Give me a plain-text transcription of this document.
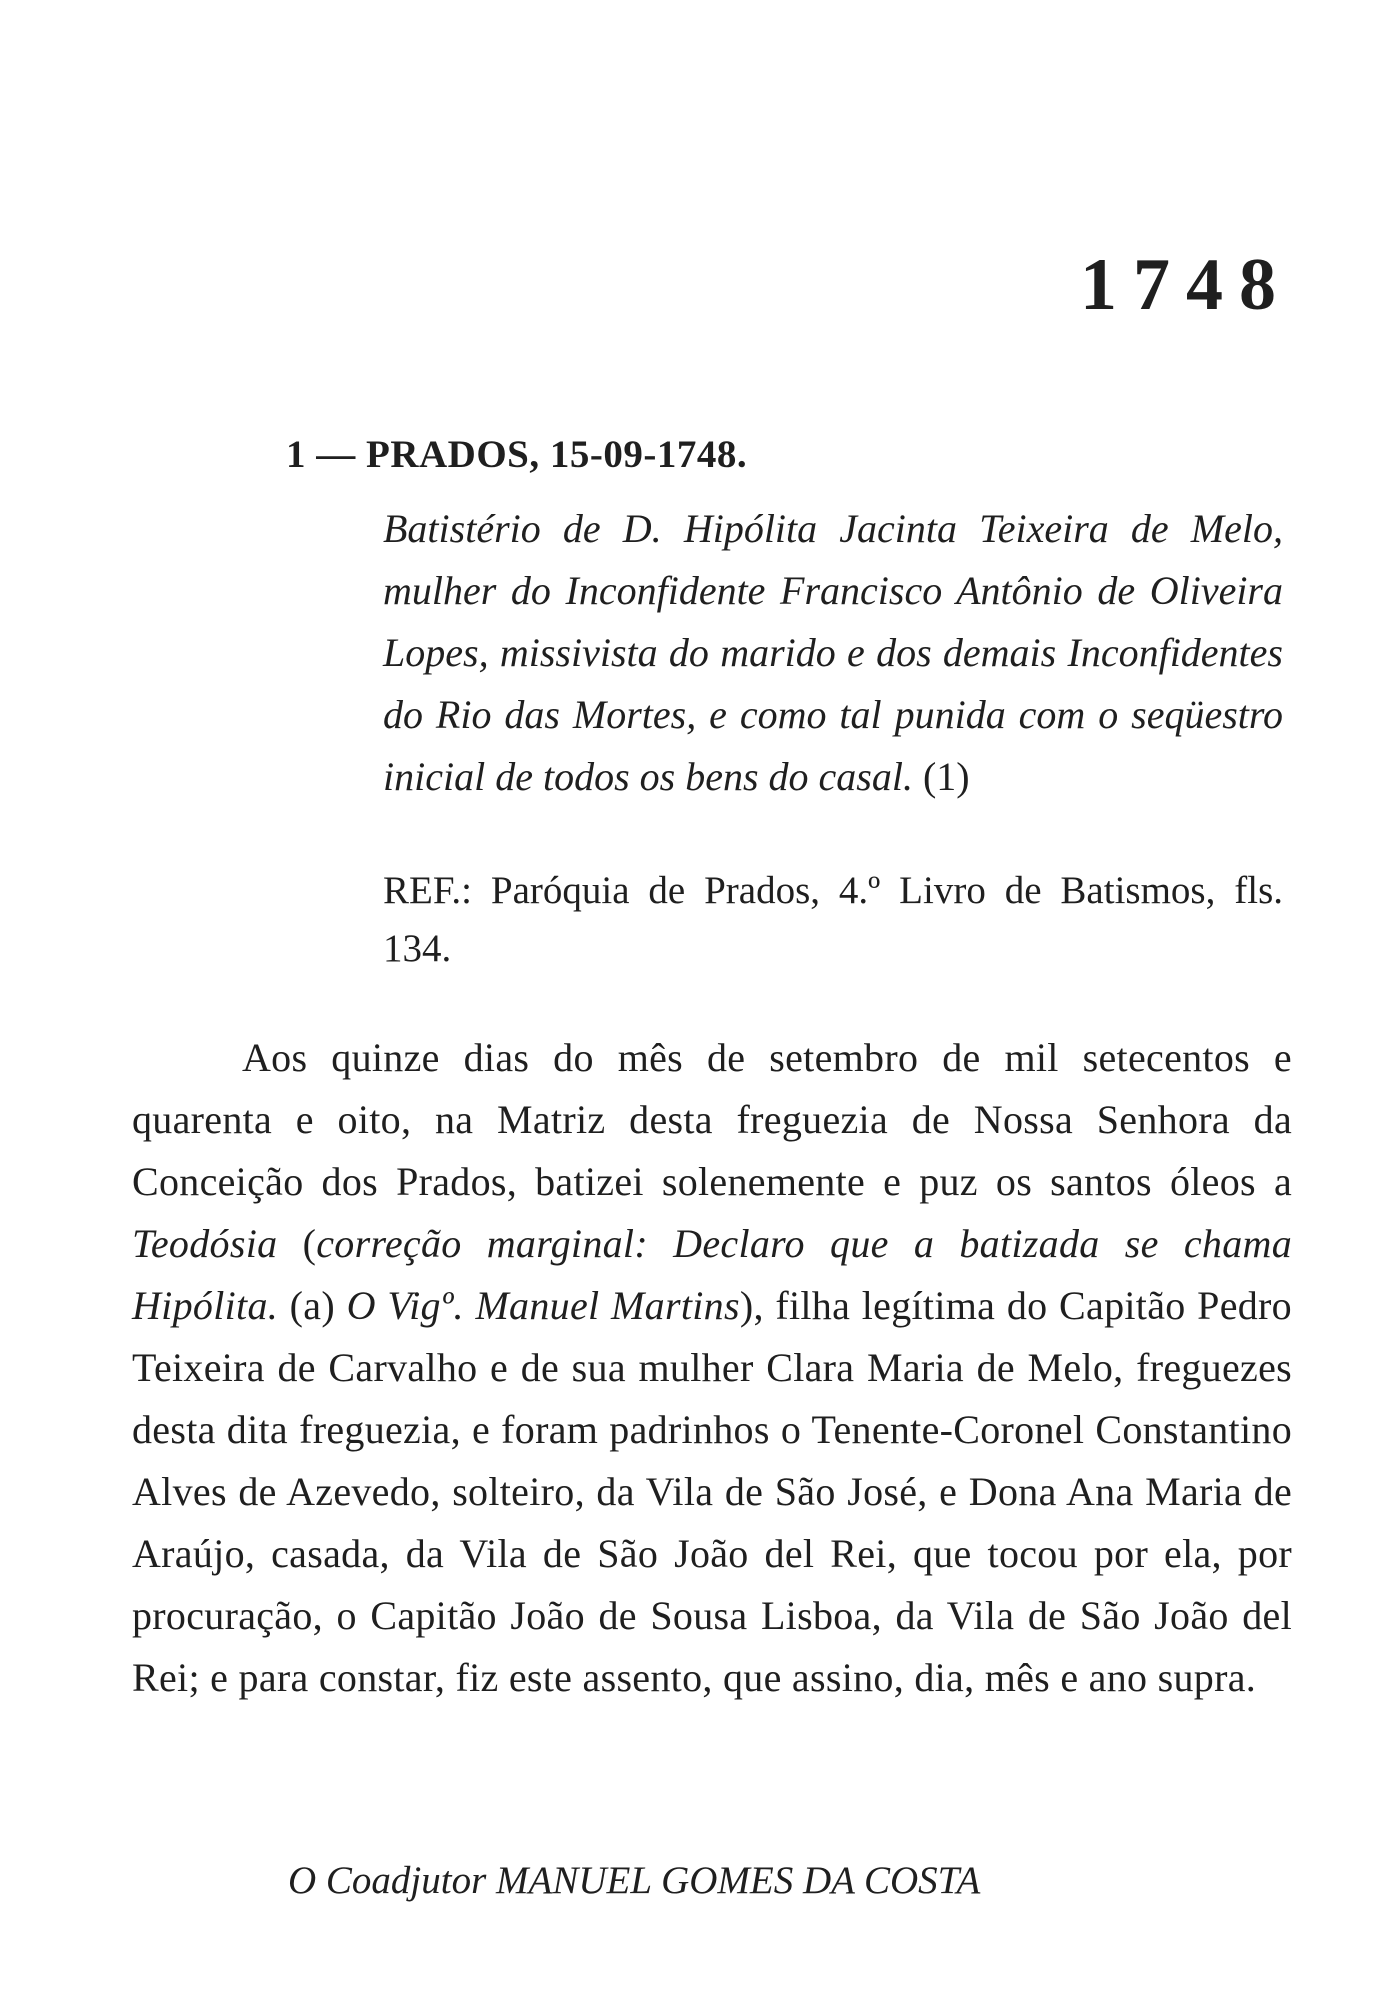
1748
1 — PRADOS, 15-09-1748.

Batistério de D. Hipólita Jacinta Teixeira de Melo, mulher do Inconfidente Francisco Antônio de Oliveira Lopes, missivista do marido e dos demais Inconfidentes do Rio das Mortes, e como tal punida com o seqüestro inicial de todos os bens do casal. (1)

REF.: Paróquia de Prados, 4.º Livro de Batismos, fls. 134.

Aos quinze dias do mês de setembro de mil setecentos e quarenta e oito, na Matriz desta freguezia de Nossa Senhora da Conceição dos Prados, batizei solenemente e puz os santos óleos a Teodósia (correção marginal: Declaro que a batizada se chama Hipólita. (a) O Vigº. Manuel Martins), filha legítima do Capitão Pedro Teixeira de Carvalho e de sua mulher Clara Maria de Melo, freguezes desta dita freguezia, e foram padrinhos o Tenente-Coronel Constantino Alves de Azevedo, solteiro, da Vila de São José, e Dona Ana Maria de Araújo, casada, da Vila de São João del Rei, que tocou por ela, por procuração, o Capitão João de Sousa Lisboa, da Vila de São João del Rei; e para constar, fiz este assento, que assino, dia, mês e ano supra.

O Coadjutor MANUEL GOMES DA COSTA
